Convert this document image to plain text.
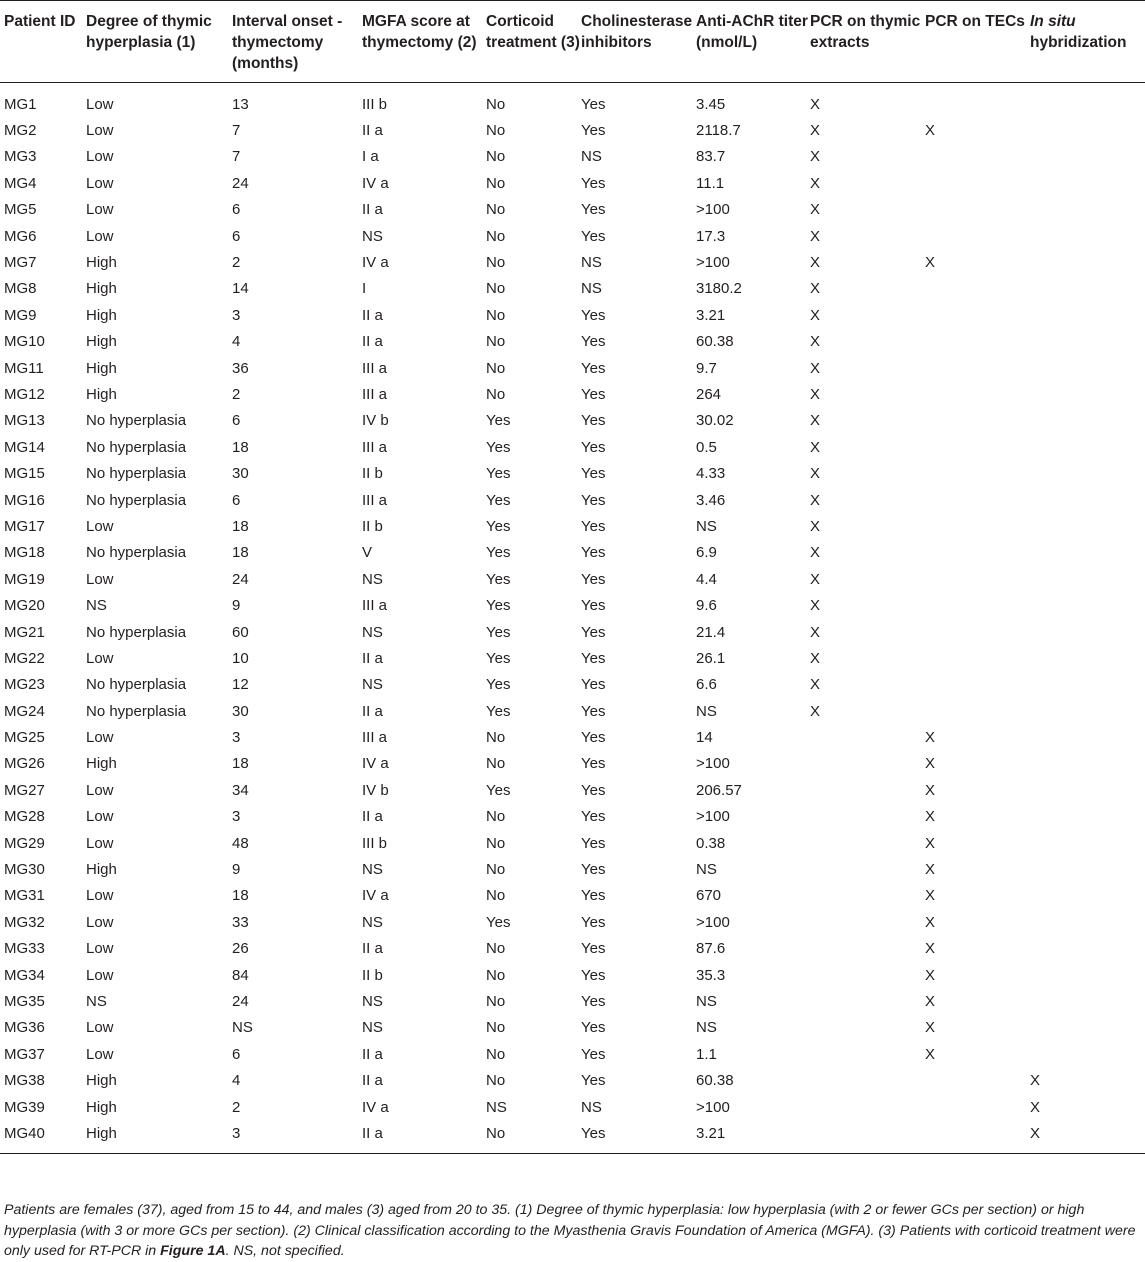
Patient ID	Degree of thymic hyperplasia (1)	Interval onset - thymectomy (months)	MGFA score at thymectomy (2)	Corticoid treatment (3)	Cholinesterase inhibitors	Anti-AChR titer (nmol/L)	PCR on thymic extracts	PCR on TECs	In situ hybridization
MG1	Low	13	III b	No	Yes	3.45	X		
MG2	Low	7	II a	No	Yes	2118.7	X	X	
MG3	Low	7	I a	No	NS	83.7	X		
MG4	Low	24	IV a	No	Yes	11.1	X		
MG5	Low	6	II a	No	Yes	>100	X		
MG6	Low	6	NS	No	Yes	17.3	X		
MG7	High	2	IV a	No	NS	>100	X	X	
MG8	High	14	I	No	NS	3180.2	X		
MG9	High	3	II a	No	Yes	3.21	X		
MG10	High	4	II a	No	Yes	60.38	X		
MG11	High	36	III a	No	Yes	9.7	X		
MG12	High	2	III a	No	Yes	264	X		
MG13	No hyperplasia	6	IV b	Yes	Yes	30.02	X		
MG14	No hyperplasia	18	III a	Yes	Yes	0.5	X		
MG15	No hyperplasia	30	II b	Yes	Yes	4.33	X		
MG16	No hyperplasia	6	III a	Yes	Yes	3.46	X		
MG17	Low	18	II b	Yes	Yes	NS	X		
MG18	No hyperplasia	18	V	Yes	Yes	6.9	X		
MG19	Low	24	NS	Yes	Yes	4.4	X		
MG20	NS	9	III a	Yes	Yes	9.6	X		
MG21	No hyperplasia	60	NS	Yes	Yes	21.4	X		
MG22	Low	10	II a	Yes	Yes	26.1	X		
MG23	No hyperplasia	12	NS	Yes	Yes	6.6	X		
MG24	No hyperplasia	30	II a	Yes	Yes	NS	X		
MG25	Low	3	III a	No	Yes	14		X	
MG26	High	18	IV a	No	Yes	>100		X	
MG27	Low	34	IV b	Yes	Yes	206.57		X	
MG28	Low	3	II a	No	Yes	>100		X	
MG29	Low	48	III b	No	Yes	0.38		X	
MG30	High	9	NS	No	Yes	NS		X	
MG31	Low	18	IV a	No	Yes	670		X	
MG32	Low	33	NS	Yes	Yes	>100		X	
MG33	Low	26	II a	No	Yes	87.6		X	
MG34	Low	84	II b	No	Yes	35.3		X	
MG35	NS	24	NS	No	Yes	NS		X	
MG36	Low	NS	NS	No	Yes	NS		X	
MG37	Low	6	II a	No	Yes	1.1		X	
MG38	High	4	II a	No	Yes	60.38			X
MG39	High	2	IV a	NS	NS	>100			X
MG40	High	3	II a	No	Yes	3.21			X

Patients are females (37), aged from 15 to 44, and males (3) aged from 20 to 35. (1) Degree of thymic hyperplasia: low hyperplasia (with 2 or fewer GCs per section) or high hyperplasia (with 3 or more GCs per section). (2) Clinical classification according to the Myasthenia Gravis Foundation of America (MGFA). (3) Patients with corticoid treatment were only used for RT-PCR in Figure 1A. NS, not specified.
